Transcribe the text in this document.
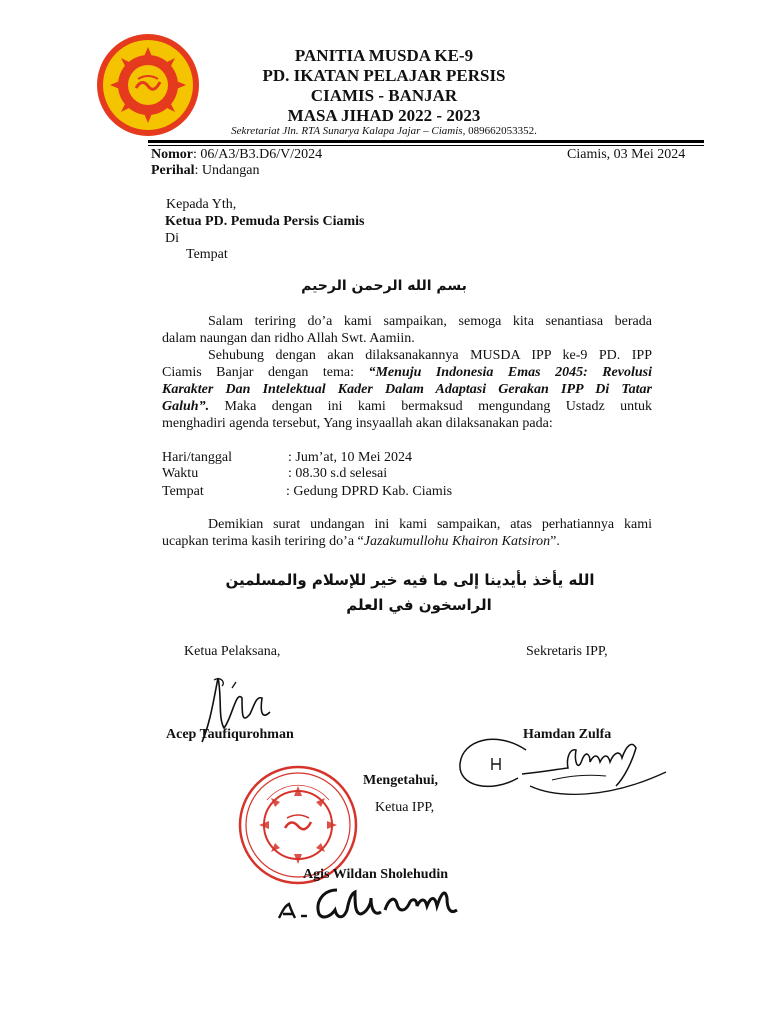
PANITIA MUSDA KE-9
PD. IKATAN PELAJAR PERSIS
CIAMIS - BANJAR
MASA JIHAD 2022 - 2023
Sekretariat Jln. RTA Sunarya Kalapa Jajar – Ciamis, 089662053352.
Nomor: 06/A3/B3.D6/V/2024	Ciamis, 03 Mei 2024
Perihal: Undangan
Kepada Yth,
Ketua PD. Pemuda Persis Ciamis
Di
Tempat
بسم الله الرحمن الرحيم
Salam teriring do’a kami sampaikan, semoga kita senantiasa berada
dalam naungan dan ridho Allah Swt. Aamiin.
Sehubung dengan akan dilaksanakannya MUSDA IPP ke-9 PD. IPP
Ciamis Banjar dengan tema: “Menuju Indonesia Emas 2045: Revolusi
Karakter Dan Intelektual Kader Dalam Adaptasi Gerakan IPP Di Tatar
Galuh”. Maka dengan ini kami bermaksud mengundang Ustadz untuk
menghadiri agenda tersebut, Yang insyaallah akan dilaksanakan pada:
Hari/tanggal	: Jum’at, 10 Mei 2024
Waktu	: 08.30 s.d selesai
Tempat	: Gedung DPRD Kab. Ciamis
Demikian surat undangan ini kami sampaikan, atas perhatiannya kami
ucapkan terima kasih teriring do’a “Jazakumullohu Khairon Katsiron”.
الله يأخذ بأيدينا إلى ما فيه خير للإسلام والمسلمين
الراسخون في العلم
Ketua Pelaksana,	Sekretaris IPP,
Acep Taufiqurohman	Hamdan Zulfa
Mengetahui,
Ketua IPP,
Agis Wildan Sholehudin
